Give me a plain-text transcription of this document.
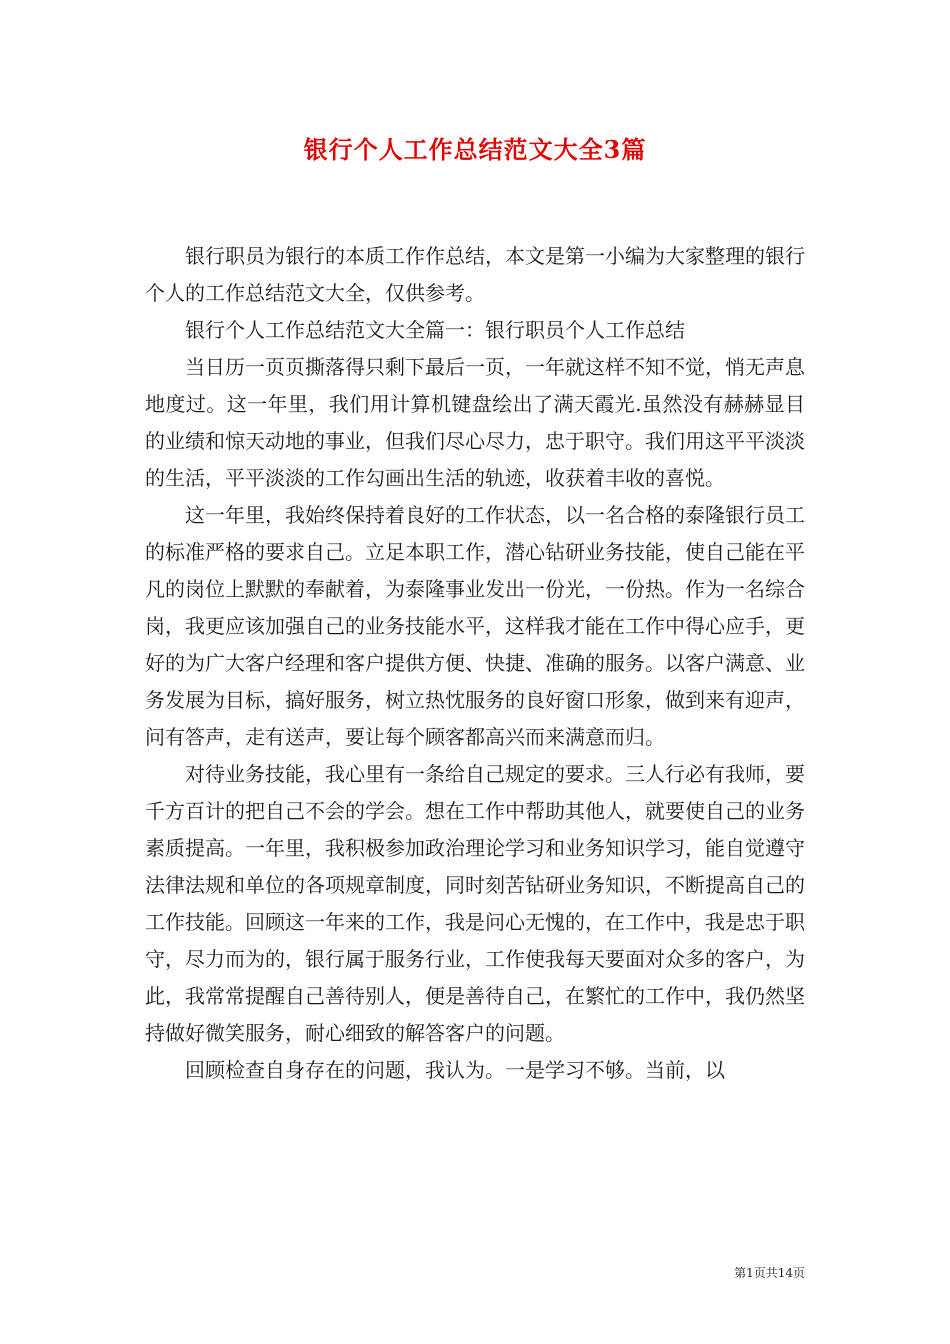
银行个人工作总结范文大全3篇

银行职员为银行的本质工作作总结，本文是第一小编为大家整理的银行个人的工作总结范文大全，仅供参考。

银行个人工作总结范文大全篇一：银行职员个人工作总结

当日历一页页撕落得只剩下最后一页，一年就这样不知不觉，悄无声息地度过。这一年里，我们用计算机键盘绘出了满天霞光.虽然没有赫赫显目的业绩和惊天动地的事业，但我们尽心尽力，忠于职守。我们用这平平淡淡的生活，平平淡淡的工作勾画出生活的轨迹，收获着丰收的喜悦。

这一年里，我始终保持着良好的工作状态，以一名合格的泰隆银行员工的标准严格的要求自己。立足本职工作，潜心钻研业务技能，使自己能在平凡的岗位上默默的奉献着，为泰隆事业发出一份光，一份热。作为一名综合岗，我更应该加强自己的业务技能水平，这样我才能在工作中得心应手，更好的为广大客户经理和客户提供方便、快捷、准确的服务。以客户满意、业务发展为目标，搞好服务，树立热忱服务的良好窗口形象，做到来有迎声，问有答声，走有送声，要让每个顾客都高兴而来满意而归。

对待业务技能，我心里有一条给自己规定的要求。三人行必有我师，要千方百计的把自己不会的学会。想在工作中帮助其他人，就要使自己的业务素质提高。一年里，我积极参加政治理论学习和业务知识学习，能自觉遵守法律法规和单位的各项规章制度，同时刻苦钻研业务知识，不断提高自己的工作技能。回顾这一年来的工作，我是问心无愧的，在工作中，我是忠于职守，尽力而为的，银行属于服务行业，工作使我每天要面对众多的客户，为此，我常常提醒自己善待别人，便是善待自己，在繁忙的工作中，我仍然坚持做好微笑服务，耐心细致的解答客户的问题。

回顾检查自身存在的问题，我认为。一是学习不够。当前，以

第1页共14页
